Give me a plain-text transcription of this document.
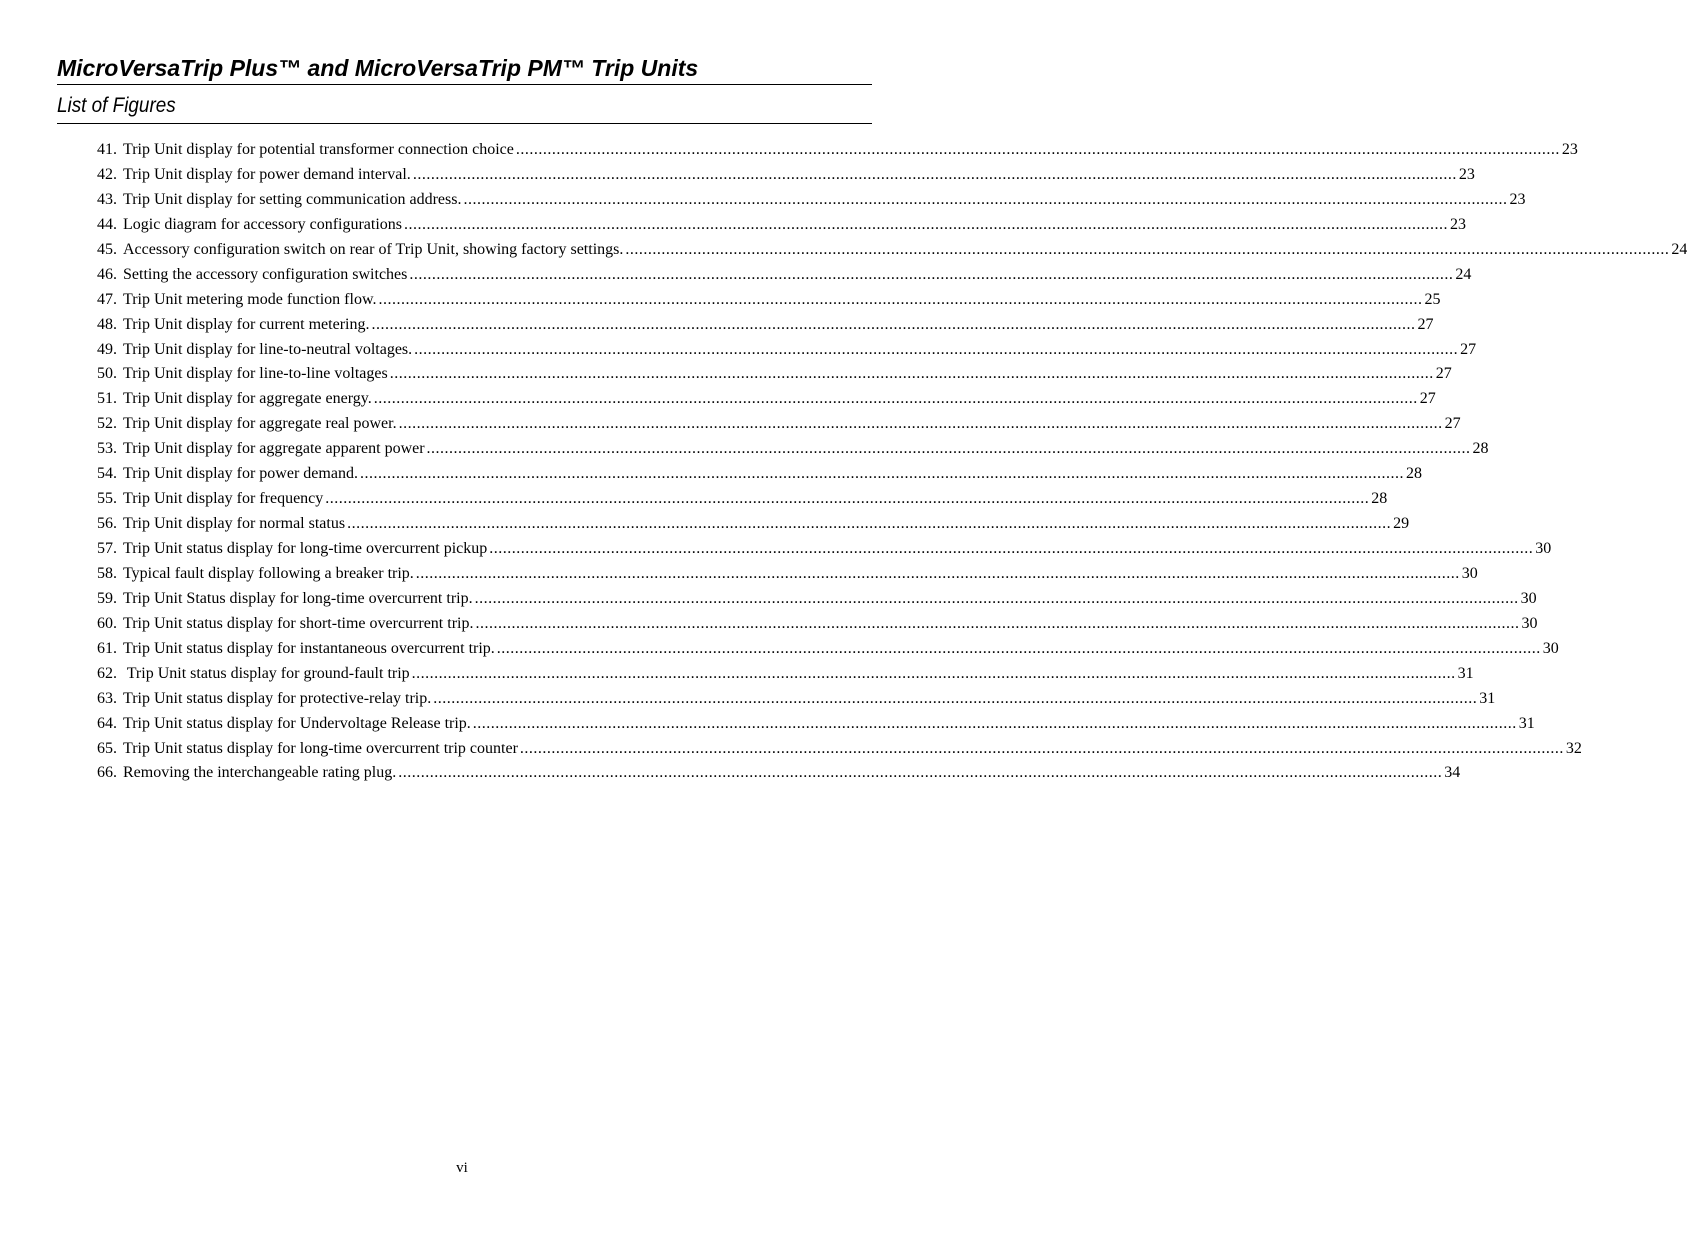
MicroVersaTrip Plus™ and MicroVersaTrip PM™ Trip Units
List of Figures
41. Trip Unit display for potential transformer connection choice .....	23
42. Trip Unit display for power demand interval. .....	23
43. Trip Unit display for setting communication address. .....	23
44. Logic diagram for accessory configurations .....	23
45. Accessory configuration switch on rear of Trip Unit, showing factory settings. .....	24
46. Setting the accessory configuration switches .....	24
47. Trip Unit metering mode function flow. .....	25
48. Trip Unit display for current metering. .....	27
49. Trip Unit display for line-to-neutral voltages. .....	27
50. Trip Unit display for line-to-line voltages .....	27
51. Trip Unit display for aggregate energy. .....	27
52. Trip Unit display for aggregate real power. .....	27
53. Trip Unit display for aggregate apparent power .....	28
54. Trip Unit display for power demand. .....	28
55. Trip Unit display for frequency .....	28
56. Trip Unit display for normal status .....	29
57. Trip Unit status display for long-time overcurrent pickup .....	30
58. Typical fault display following a breaker trip. .....	30
59. Trip Unit Status display for long-time overcurrent trip. .....	30
60. Trip Unit status display for short-time overcurrent trip. .....	30
61. Trip Unit status display for instantaneous overcurrent trip. .....	30
62. Trip Unit status display for ground-fault trip .....	31
63. Trip Unit status display for protective-relay trip. .....	31
64. Trip Unit status display for Undervoltage Release trip. .....	31
65. Trip Unit status display for long-time overcurrent trip counter .....	32
66. Removing the interchangeable rating plug. .....	34
vi
